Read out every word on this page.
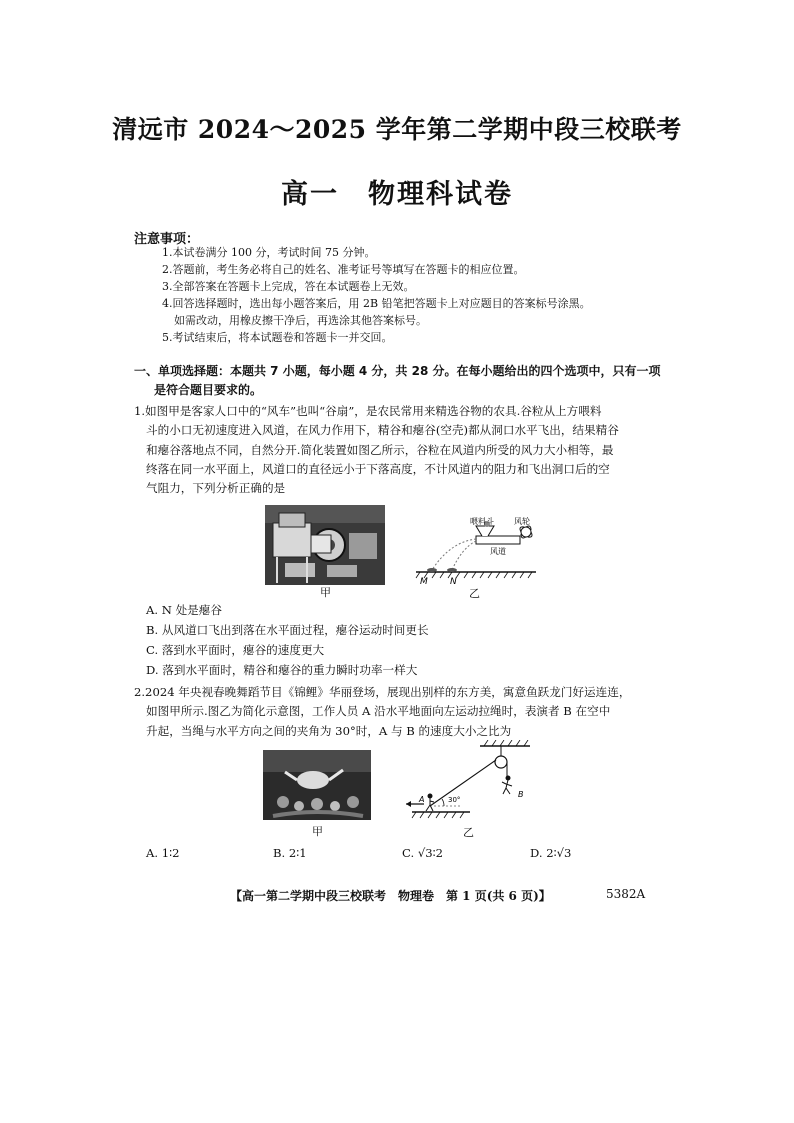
清远市 2024～2025 学年第二学期中段三校联考
高一　物理科试卷
注意事项：
1.本试卷满分 100 分，考试时间 75 分钟。
2.答题前，考生务必将自己的姓名、准考证号等填写在答题卡的相应位置。
3.全部答案在答题卡上完成，答在本试题卷上无效。
4.回答选择题时，选出每小题答案后，用 2B 铅笔把答题卡上对应题目的答案标号涂黑。
如需改动，用橡皮擦干净后，再选涂其他答案标号。
5.考试结束后，将本试题卷和答题卡一并交回。
一、单项选择题：本题共 7 小题，每小题 4 分，共 28 分。在每小题给出的四个选项中，只有一项
是符合题目要求的。
1.如图甲是客家人口中的“风车”也叫“谷扇”，是农民常用来精选谷物的农具.谷粒从上方喂料
斗的小口无初速度进入风道，在风力作用下，精谷和瘪谷(空壳)都从洞口水平飞出，结果精谷
和瘪谷落地点不同，自然分开.简化装置如图乙所示，谷粒在风道内所受的风力大小相等，最
终落在同一水平面上，风道口的直径远小于下落高度，不计风道内的阻力和飞出洞口后的空
气阻力，下列分析正确的是
甲
喂料斗	风轮
风道
M N
乙
A. N 处是瘪谷
B. 从风道口飞出到落在水平面过程，瘪谷运动时间更长
C. 落到水平面时，瘪谷的速度更大
D. 落到水平面时，精谷和瘪谷的重力瞬时功率一样大
2.2024 年央视春晚舞蹈节目《锦鲤》华丽登场，展现出别样的东方美，寓意鱼跃龙门好运连连，
如图甲所示.图乙为简化示意图，工作人员 A 沿水平地面向左运动拉绳时，表演者 B 在空中
升起，当绳与水平方向之间的夹角为 30°时，A 与 B 的速度大小之比为
甲
30°
A
B
乙
A. 1∶2	B. 2∶1	C. √3∶2	D. 2∶√3
【高一第二学期中段三校联考　物理卷　第 1 页(共 6 页)】	5382A
